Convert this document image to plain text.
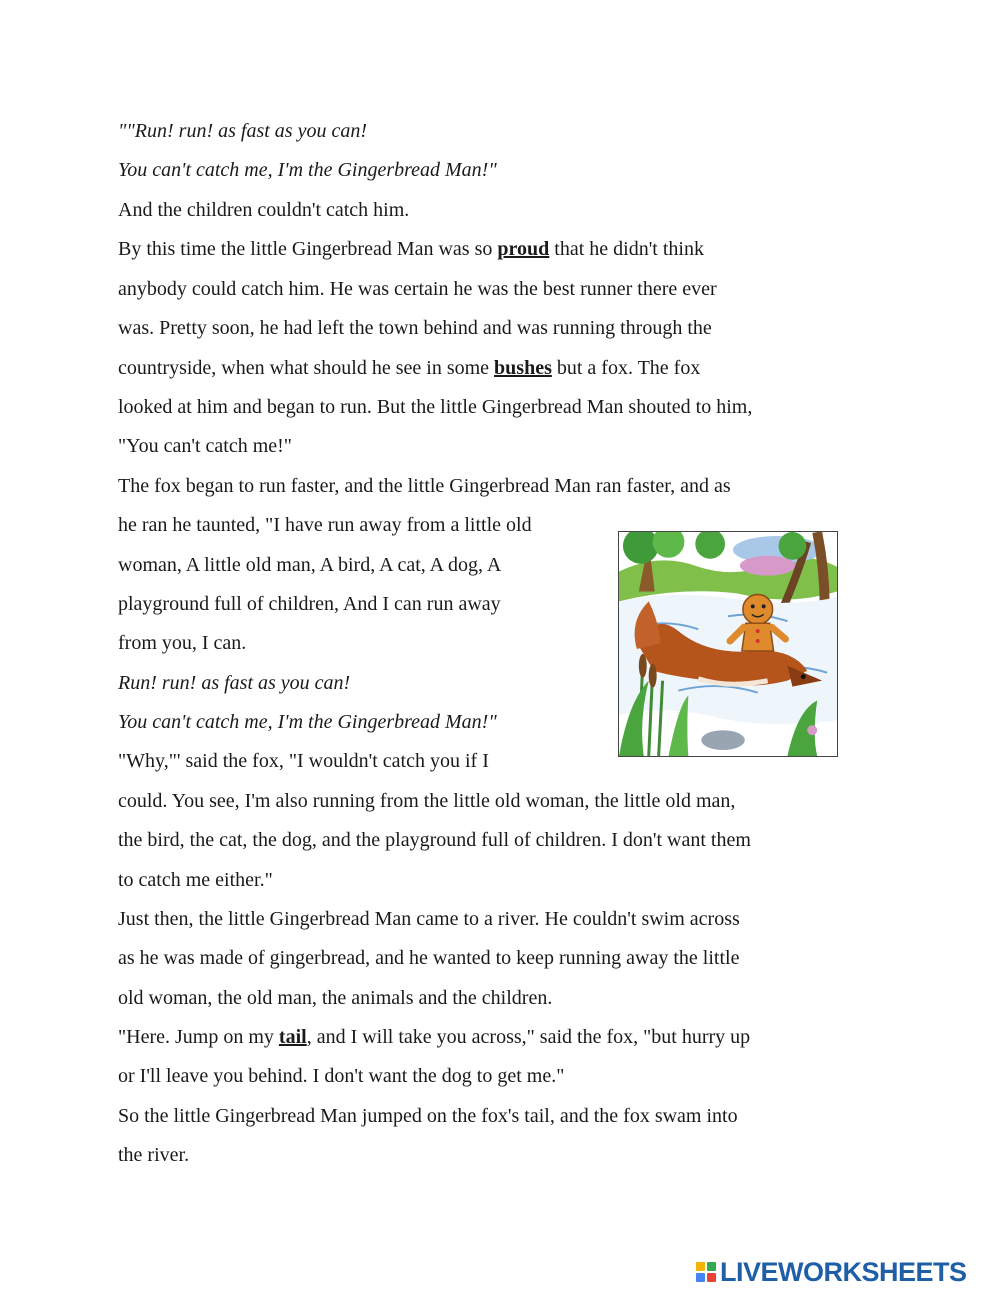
""Run! run! as fast as you can!

You can't catch me, I'm the Gingerbread Man!"

And the children couldn't catch him.

By this time the little Gingerbread Man was so proud that he didn't think

anybody could catch him. He was certain he was the best runner there ever

was. Pretty soon, he had left the town behind and was running through the

countryside, when what should he see in some bushes but a fox. The fox

looked at him and began to run. But the little Gingerbread Man shouted to him,

"You can't catch me!"

The fox began to run faster, and the little Gingerbread Man ran faster, and as

he ran he taunted, "I have run away from a little old

woman, A little old man, A bird, A cat, A dog, A

playground full of children, And I can run away

from you, I can.

Run! run! as fast as you can!

You can't catch me, I'm the Gingerbread Man!"

"Why,"' said the fox, "I wouldn't catch you if I

could. You see, I'm also running from the little old woman, the little old man,

the bird, the cat, the dog, and the playground full of children. I don't want them

to catch me either."

Just then, the little Gingerbread Man came to a river. He couldn't swim across

as he was made of gingerbread, and he wanted to keep running away the little

old woman, the old man, the animals and the children.

"Here. Jump on my tail, and I will take you across," said the fox, "but hurry up

or I'll leave you behind. I don't want the dog to get me."

So the little Gingerbread Man jumped on the fox's tail, and the fox swam into

the river.

LIVEWORKSHEETS
